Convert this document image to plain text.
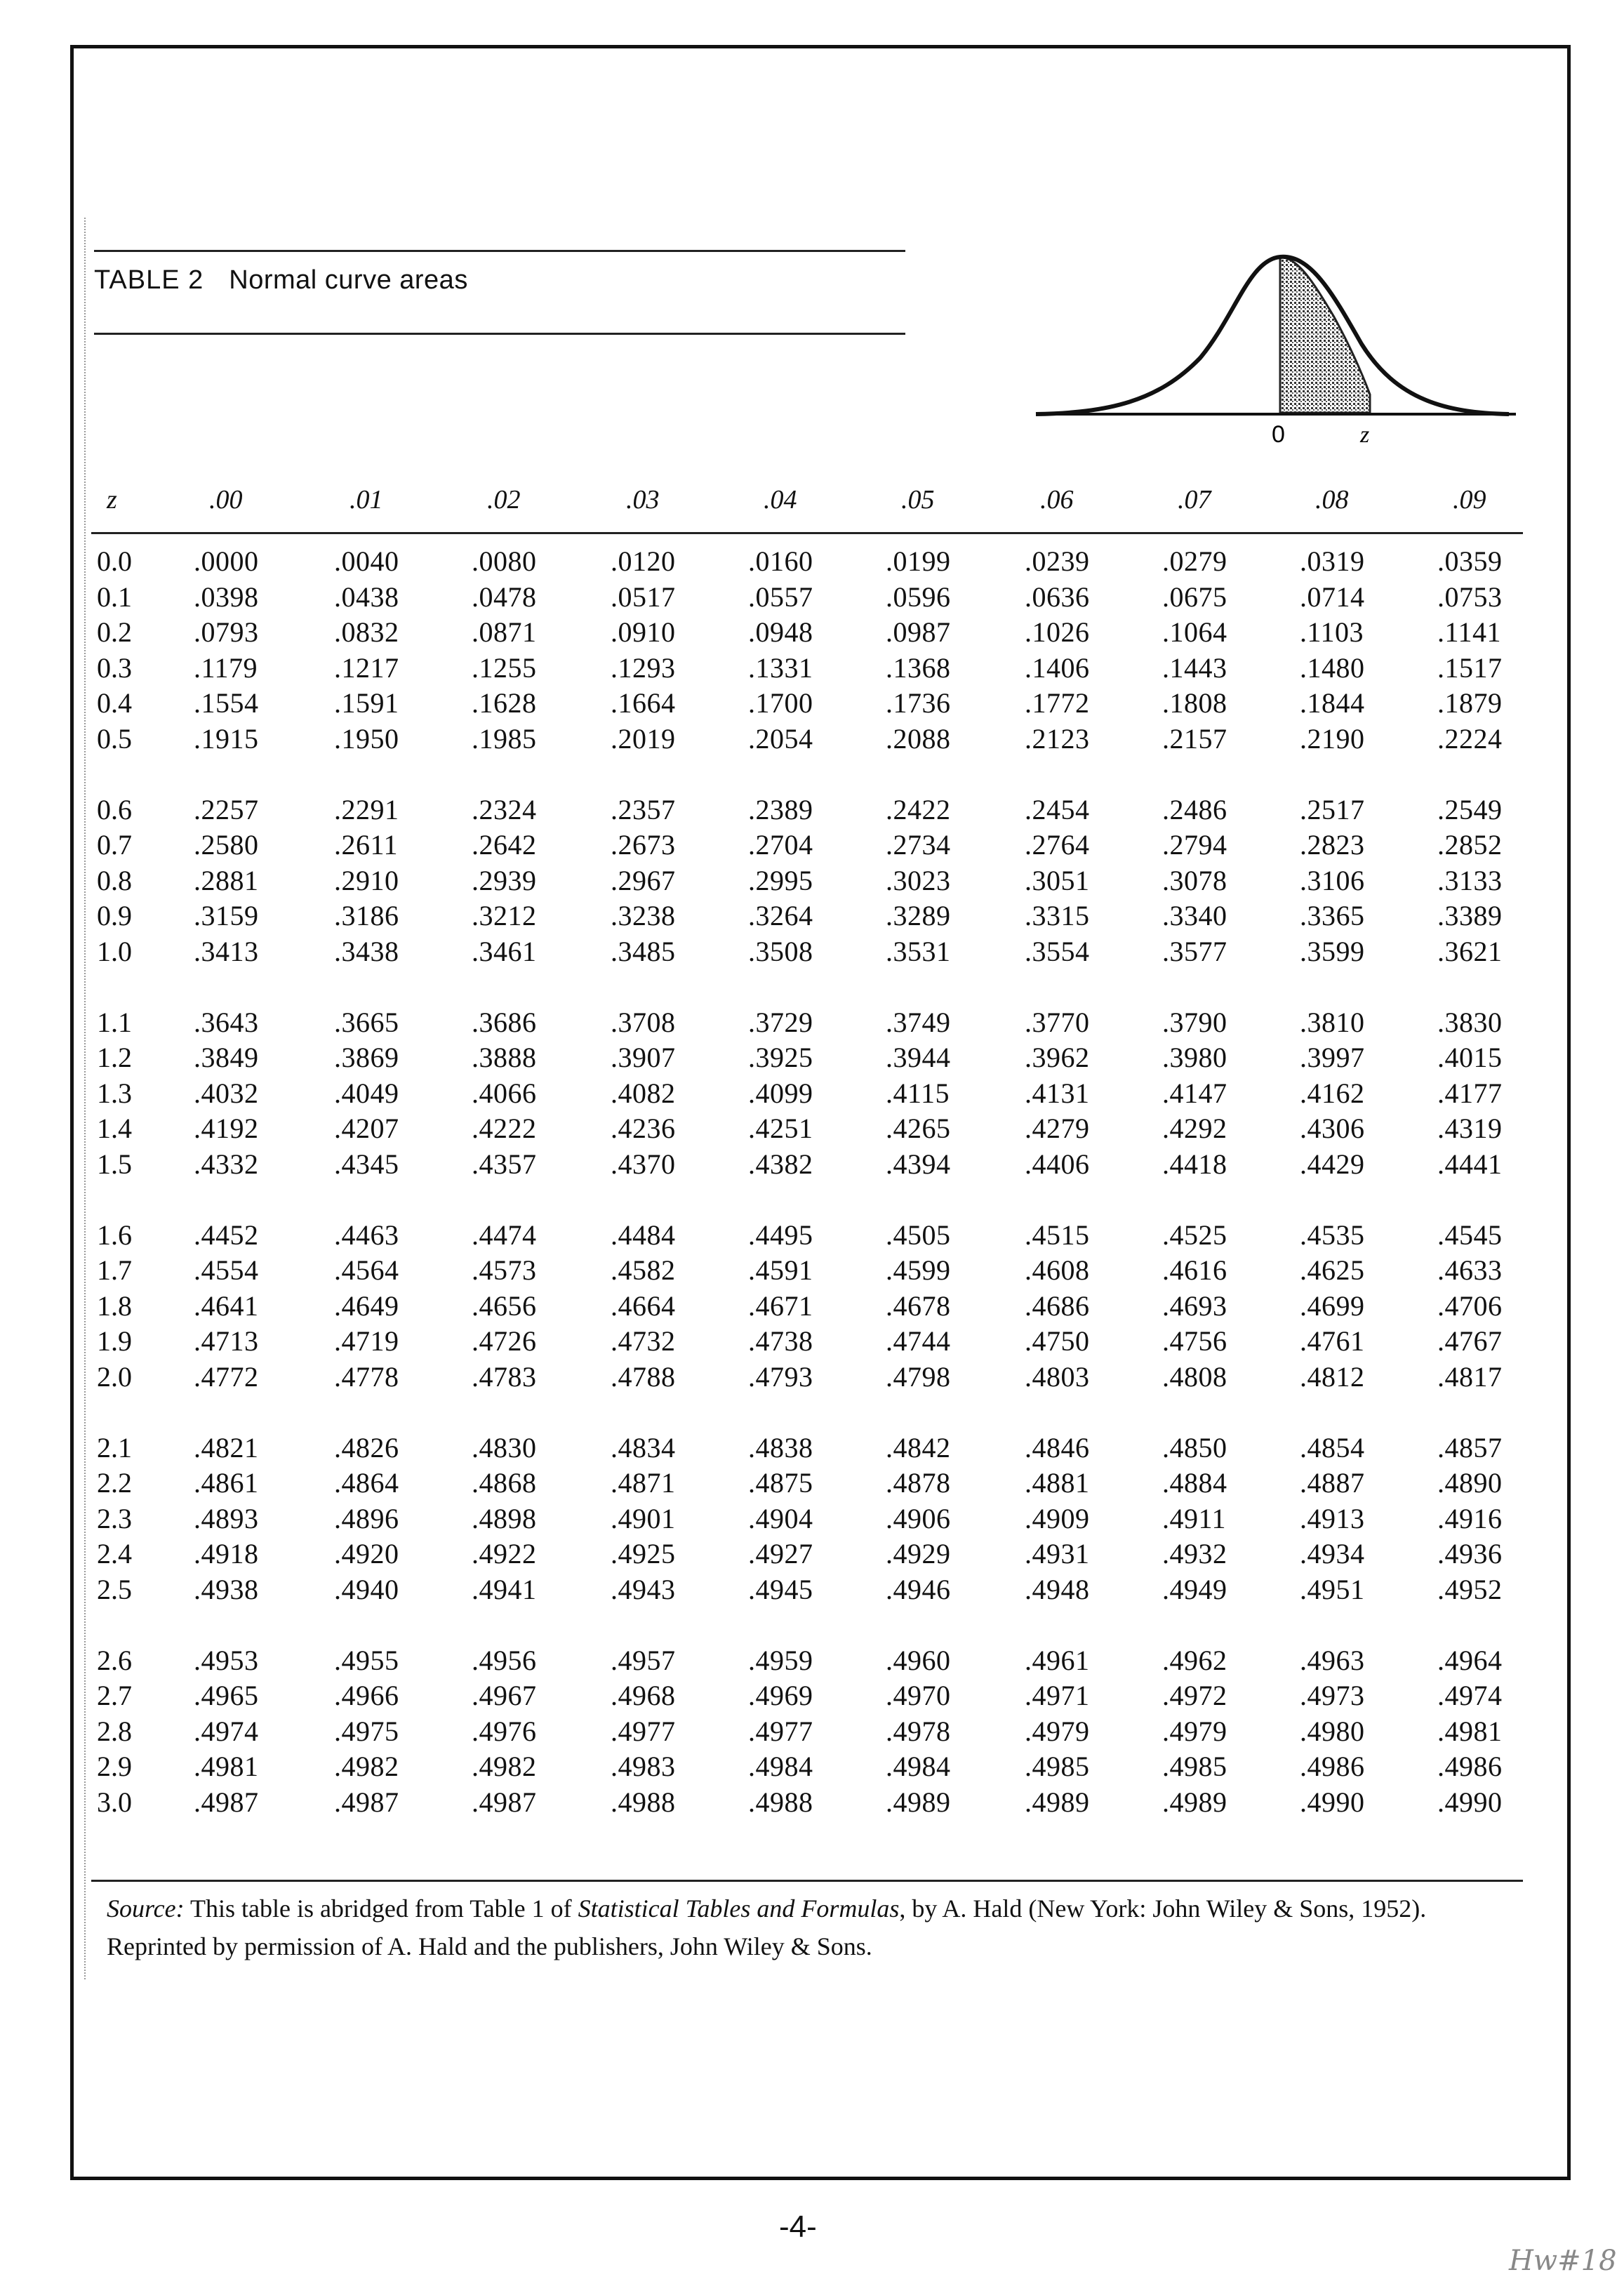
TABLE 2 Normal curve areas
0	z
z	.00	.01	.02	.03	.04	.05	.06	.07	.08	.09
0.0 .0000	.0040	.0080	.0120	.0160	.0199	.0239	.0279	.0319	.0359
0.1 .0398	.0438	.0478	.0517	.0557	.0596	.0636	.0675	.0714	.0753
0.2 .0793	.0832	.0871	.0910	.0948	.0987	.1026	.1064	.1103	.1141
0.3 .1179	.1217	.1255	.1293	.1331	.1368	.1406	.1443	.1480	.1517
0.4 .1554	.1591	.1628	.1664	.1700	.1736	.1772	.1808	.1844	.1879
0.5 .1915	.1950	.1985	.2019	.2054	.2088	.2123	.2157	.2190	.2224
0.6 .2257	.2291	.2324	.2357	.2389	.2422	.2454	.2486	.2517	.2549
0.7 .2580	.2611	.2642	.2673	.2704	.2734	.2764	.2794	.2823	.2852
0.8 .2881	.2910	.2939	.2967	.2995	.3023	.3051	.3078	.3106	.3133
0.9 .3159	.3186	.3212	.3238	.3264	.3289	.3315	.3340	.3365	.3389
1.0 .3413	.3438	.3461	.3485	.3508	.3531	.3554	.3577	.3599	.3621
1.1 .3643	.3665	.3686	.3708	.3729	.3749	.3770	.3790	.3810	.3830
1.2 .3849	.3869	.3888	.3907	.3925	.3944	.3962	.3980	.3997	.4015
1.3 .4032	.4049	.4066	.4082	.4099	.4115	.4131	.4147	.4162	.4177
1.4 .4192	.4207	.4222	.4236	.4251	.4265	.4279	.4292	.4306	.4319
1.5 .4332	.4345	.4357	.4370	.4382	.4394	.4406	.4418	.4429	.4441
1.6 .4452	.4463	.4474	.4484	.4495	.4505	.4515	.4525	.4535	.4545
1.7 .4554	.4564	.4573	.4582	.4591	.4599	.4608	.4616	.4625	.4633
1.8 .4641	.4649	.4656	.4664	.4671	.4678	.4686	.4693	.4699	.4706
1.9 .4713	.4719	.4726	.4732	.4738	.4744	.4750	.4756	.4761	.4767
2.0 .4772	.4778	.4783	.4788	.4793	.4798	.4803	.4808	.4812	.4817
2.1 .4821	.4826	.4830	.4834	.4838	.4842	.4846	.4850	.4854	.4857
2.2 .4861	.4864	.4868	.4871	.4875	.4878	.4881	.4884	.4887	.4890
2.3 .4893	.4896	.4898	.4901	.4904	.4906	.4909	.4911	.4913	.4916
2.4 .4918	.4920	.4922	.4925	.4927	.4929	.4931	.4932	.4934	.4936
2.5 .4938	.4940	.4941	.4943	.4945	.4946	.4948	.4949	.4951	.4952
2.6 .4953	.4955	.4956	.4957	.4959	.4960	.4961	.4962	.4963	.4964
2.7 .4965	.4966	.4967	.4968	.4969	.4970	.4971	.4972	.4973	.4974
2.8 .4974	.4975	.4976	.4977	.4977	.4978	.4979	.4979	.4980	.4981
2.9 .4981	.4982	.4982	.4983	.4984	.4984	.4985	.4985	.4986	.4986
3.0 .4987	.4987	.4987	.4988	.4988	.4989	.4989	.4989	.4990	.4990
Source: This table is abridged from Table 1 of Statistical Tables and Formulas, by A. Hald (New York: John Wiley & Sons, 1952). Reprinted by permission of A. Hald and the publishers, John Wiley & Sons.
-4-
Hw#18
